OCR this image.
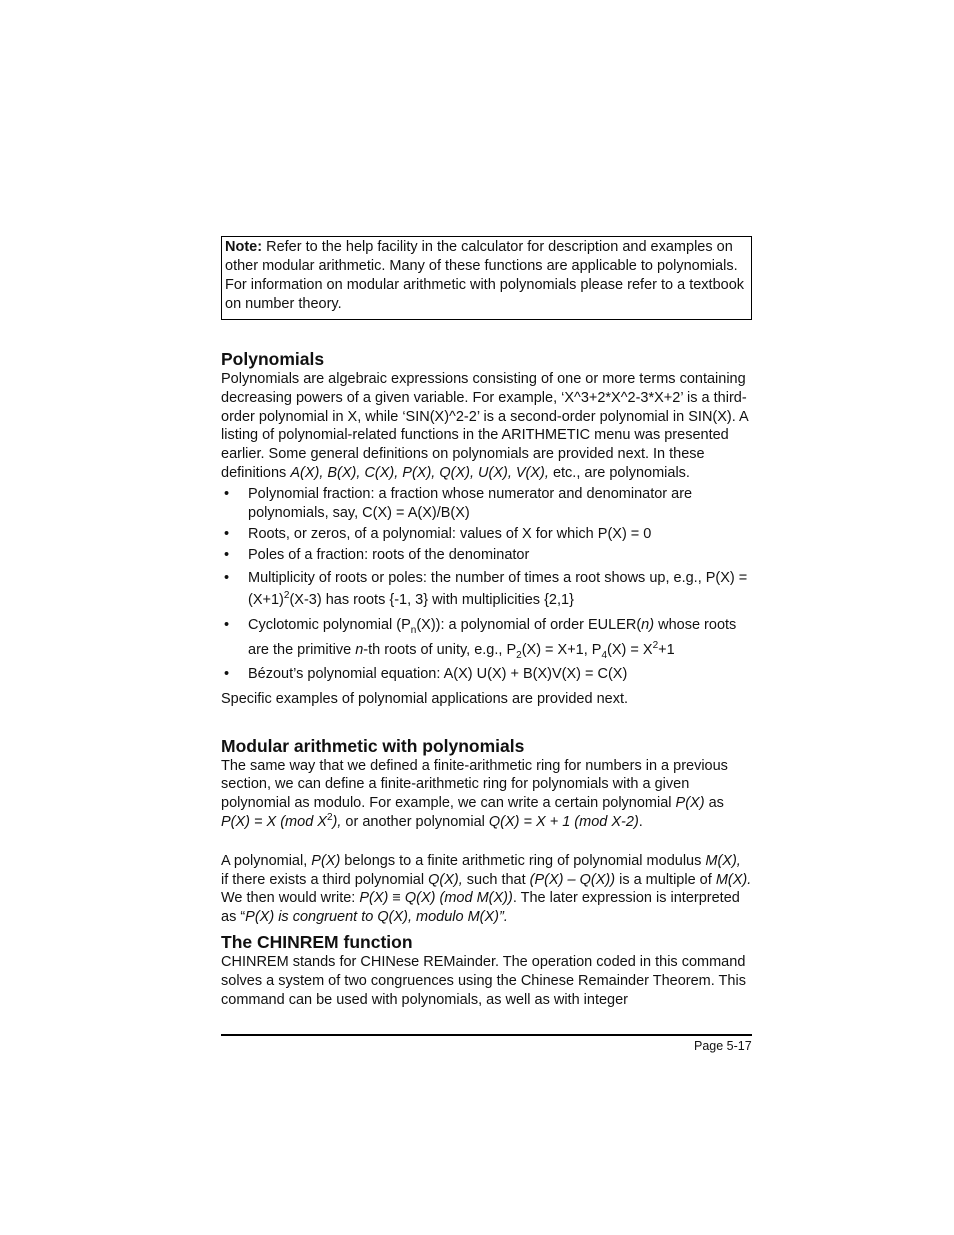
Note: Refer to the help facility in the calculator for description and examples on other modular arithmetic. Many of these functions are applicable to polynomials. For information on modular arithmetic with polynomials please refer to a textbook on number theory.
Polynomials

Polynomials are algebraic expressions consisting of one or more terms containing decreasing powers of a given variable. For example, ‘X^3+2*X^2-3*X+2’ is a third-order polynomial in X, while ‘SIN(X)^2-2’ is a second-order polynomial in SIN(X). A listing of polynomial-related functions in the ARITHMETIC menu was presented earlier. Some general definitions on polynomials are provided next. In these definitions A(X), B(X), C(X), P(X), Q(X), U(X), V(X), etc., are polynomials.

• Polynomial fraction: a fraction whose numerator and denominator are polynomials, say, C(X) = A(X)/B(X)
• Roots, or zeros, of a polynomial: values of X for which P(X) = 0
• Poles of a fraction: roots of the denominator
• Multiplicity of roots or poles: the number of times a root shows up, e.g., $P(X) = (X+1)^2(X-3)$ has roots {-1, 3} with multiplicities {2,1}
• Cyclotomic polynomial $(P_n(X))$: a polynomial of order EULER(n) whose roots are the primitive n-th roots of unity, e.g., $P_2(X) = X+1$, $P_4(X) = X^2+1$
• Bézout’s polynomial equation: A(X) U(X) + B(X)V(X) = C(X)

Specific examples of polynomial applications are provided next.

Modular arithmetic with polynomials

The same way that we defined a finite-arithmetic ring for numbers in a previous section, we can define a finite-arithmetic ring for polynomials with a given polynomial as modulo. For example, we can write a certain polynomial P(X) as P(X) = X (mod $X^2$), or another polynomial Q(X) = X + 1 (mod X-2).

A polynomial, P(X) belongs to a finite arithmetic ring of polynomial modulus M(X), if there exists a third polynomial Q(X), such that (P(X) – Q(X)) is a multiple of M(X). We then would write: P(X) ≡ Q(X) (mod M(X)). The later expression is interpreted as “P(X) is congruent to Q(X), modulo M(X)”.

The CHINREM function

CHINREM stands for CHINese REMainder. The operation coded in this command solves a system of two congruences using the Chinese Remainder Theorem. This command can be used with polynomials, as well as with integer

Page 5-17
